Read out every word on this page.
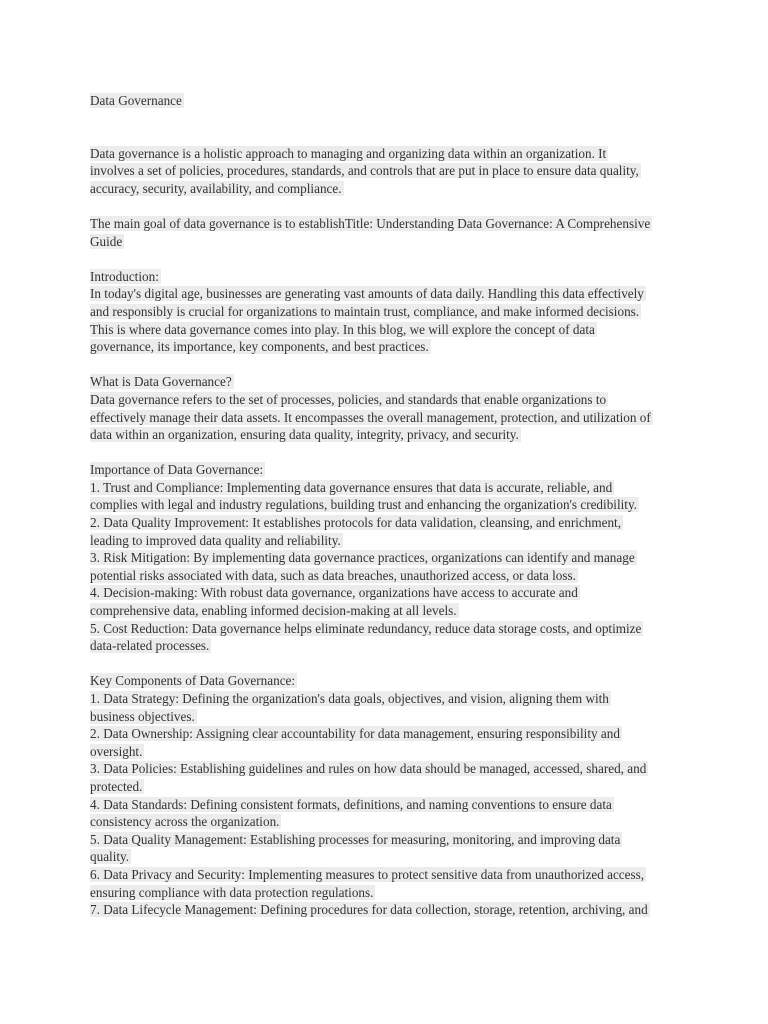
Data Governance
Data governance is a holistic approach to managing and organizing data within an organization. It
involves a set of policies, procedures, standards, and controls that are put in place to ensure data quality,
accuracy, security, availability, and compliance.
The main goal of data governance is to establishTitle: Understanding Data Governance: A Comprehensive
Guide
Introduction:
In today's digital age, businesses are generating vast amounts of data daily. Handling this data effectively
and responsibly is crucial for organizations to maintain trust, compliance, and make informed decisions.
This is where data governance comes into play. In this blog, we will explore the concept of data
governance, its importance, key components, and best practices.
What is Data Governance?
Data governance refers to the set of processes, policies, and standards that enable organizations to
effectively manage their data assets. It encompasses the overall management, protection, and utilization of
data within an organization, ensuring data quality, integrity, privacy, and security.
Importance of Data Governance:
1. Trust and Compliance: Implementing data governance ensures that data is accurate, reliable, and
complies with legal and industry regulations, building trust and enhancing the organization's credibility.
2. Data Quality Improvement: It establishes protocols for data validation, cleansing, and enrichment,
leading to improved data quality and reliability.
3. Risk Mitigation: By implementing data governance practices, organizations can identify and manage
potential risks associated with data, such as data breaches, unauthorized access, or data loss.
4. Decision-making: With robust data governance, organizations have access to accurate and
comprehensive data, enabling informed decision-making at all levels.
5. Cost Reduction: Data governance helps eliminate redundancy, reduce data storage costs, and optimize
data-related processes.
Key Components of Data Governance:
1. Data Strategy: Defining the organization's data goals, objectives, and vision, aligning them with
business objectives.
2. Data Ownership: Assigning clear accountability for data management, ensuring responsibility and
oversight.
3. Data Policies: Establishing guidelines and rules on how data should be managed, accessed, shared, and
protected.
4. Data Standards: Defining consistent formats, definitions, and naming conventions to ensure data
consistency across the organization.
5. Data Quality Management: Establishing processes for measuring, monitoring, and improving data
quality.
6. Data Privacy and Security: Implementing measures to protect sensitive data from unauthorized access,
ensuring compliance with data protection regulations.
7. Data Lifecycle Management: Defining procedures for data collection, storage, retention, archiving, and
